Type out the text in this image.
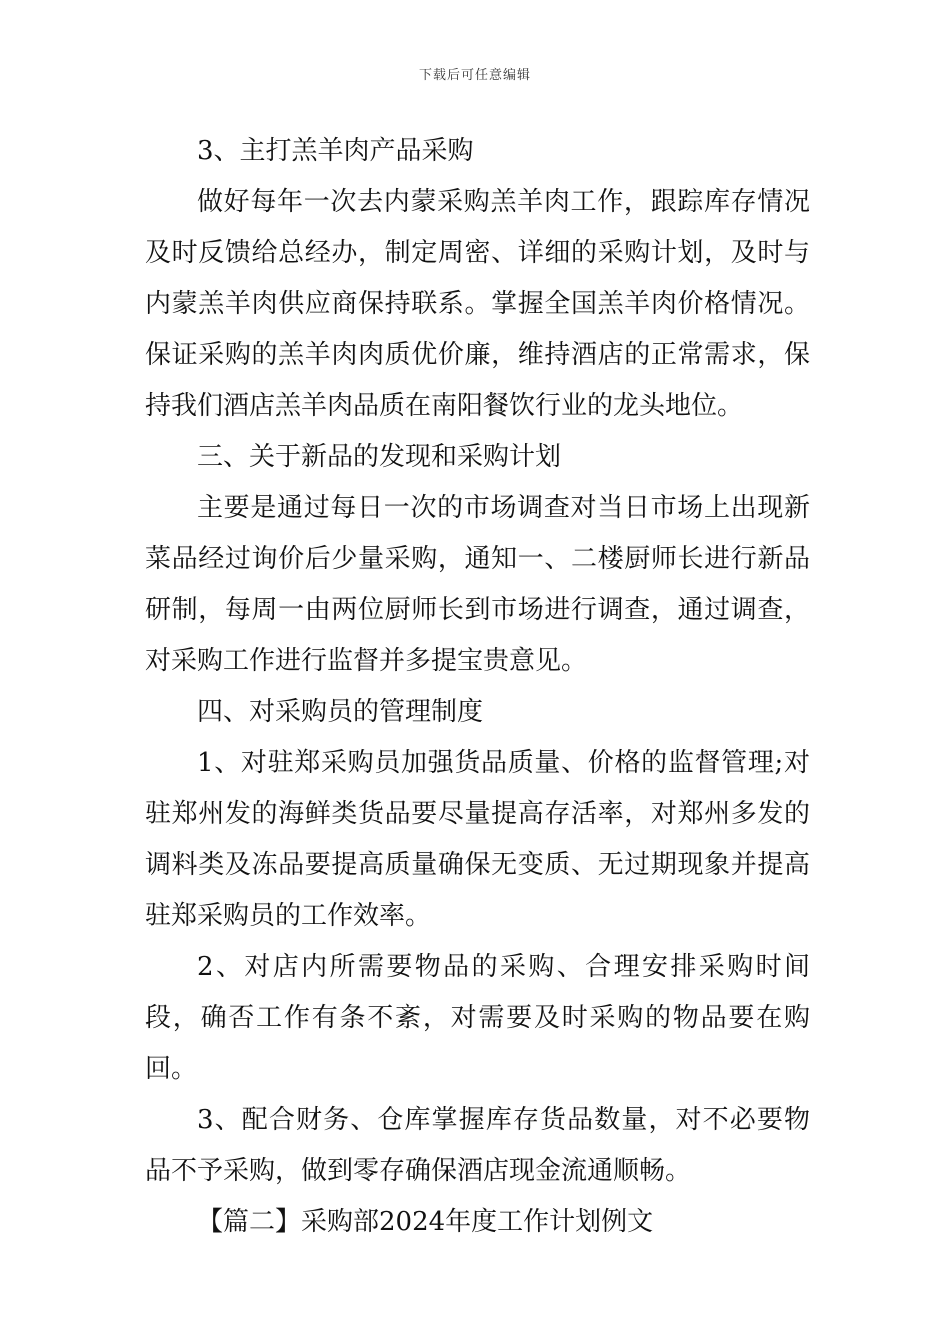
下载后可任意编辑

3、主打羔羊肉产品采购

做好每年一次去内蒙采购羔羊肉工作，跟踪库存情况及时反馈给总经办，制定周密、详细的采购计划，及时与内蒙羔羊肉供应商保持联系。掌握全国羔羊肉价格情况。保证采购的羔羊肉肉质优价廉，维持酒店的正常需求，保持我们酒店羔羊肉品质在南阳餐饮行业的龙头地位。

三、关于新品的发现和采购计划

主要是通过每日一次的市场调查对当日市场上出现新菜品经过询价后少量采购，通知一、二楼厨师长进行新品研制，每周一由两位厨师长到市场进行调查，通过调查，对采购工作进行监督并多提宝贵意见。

四、对采购员的管理制度

1、对驻郑采购员加强货品质量、价格的监督管理;对驻郑州发的海鲜类货品要尽量提高存活率，对郑州多发的调料类及冻品要提高质量确保无变质、无过期现象并提高驻郑采购员的工作效率。

2、对店内所需要物品的采购、合理安排采购时间段，确否工作有条不紊，对需要及时采购的物品要在购回。

3、配合财务、仓库掌握库存货品数量，对不必要物品不予采购，做到零存确保酒店现金流通顺畅。

【篇二】采购部2024年度工作计划例文
